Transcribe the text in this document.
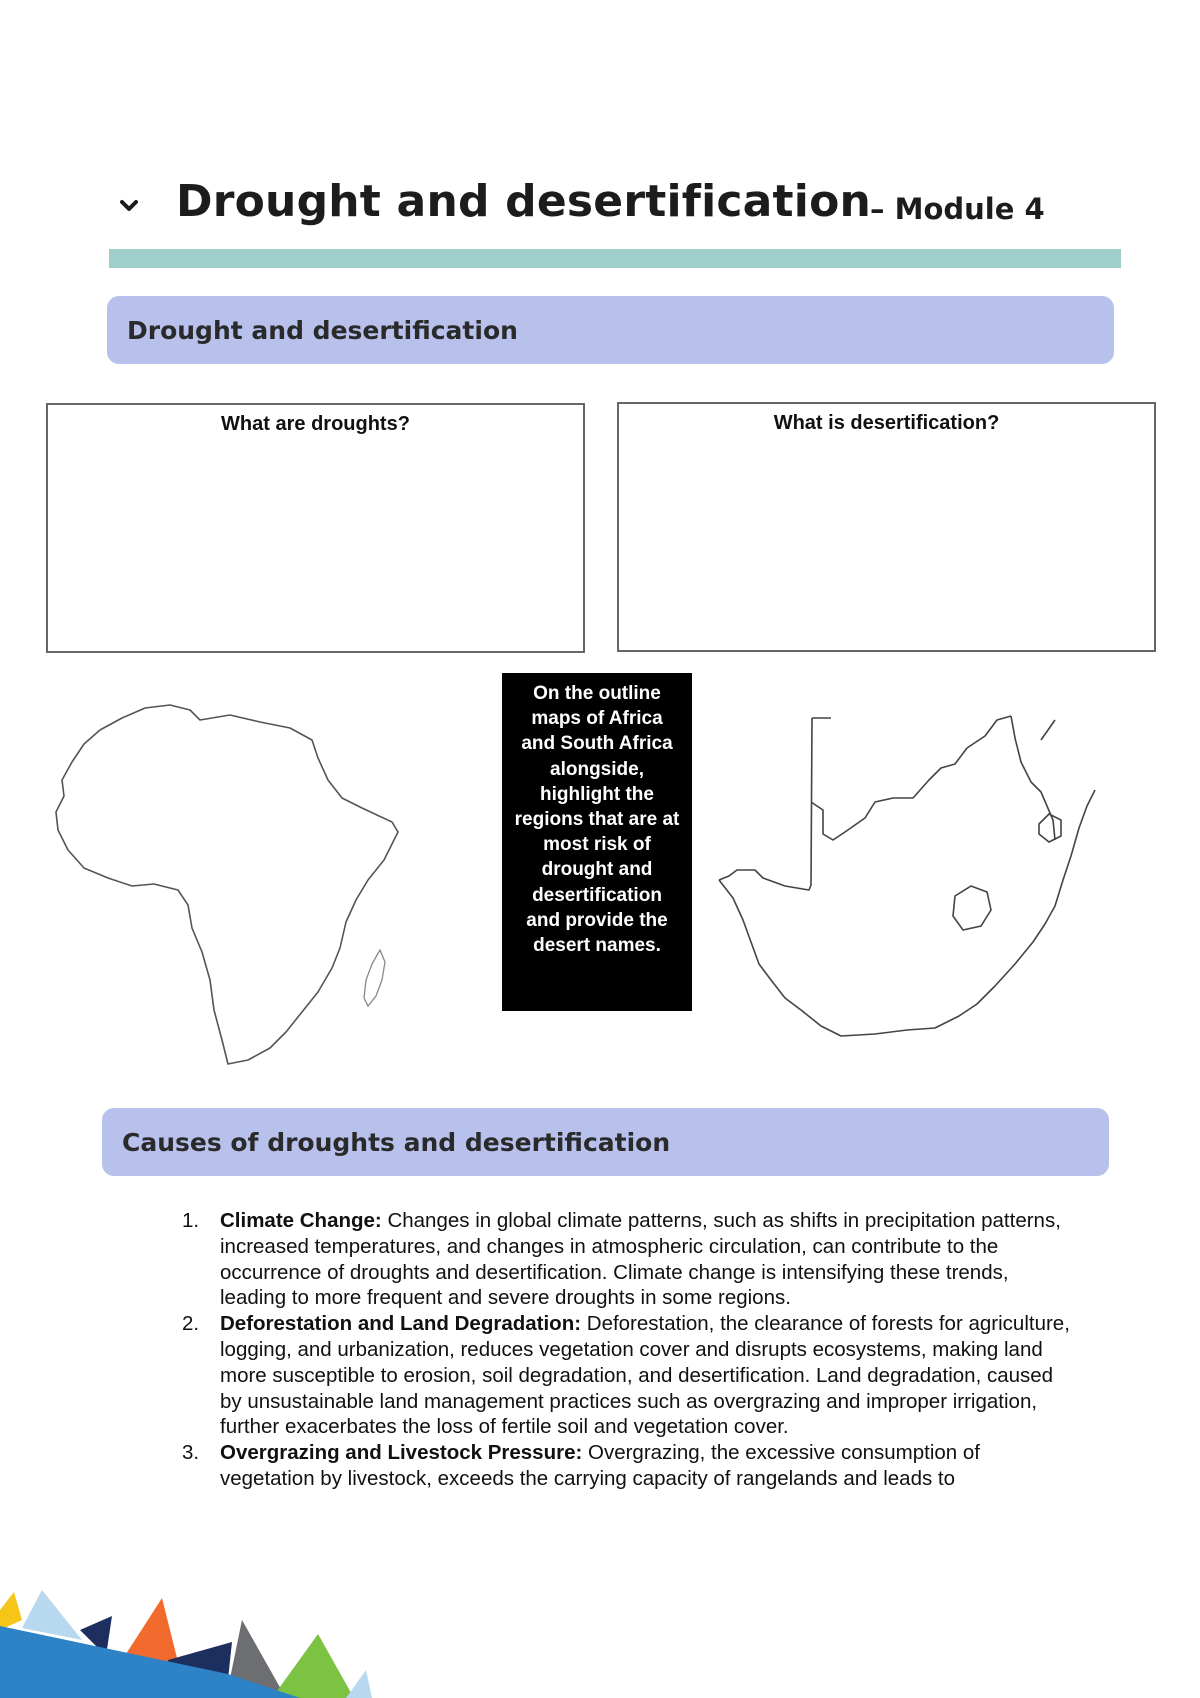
Drought and desertification
– Module 4
Drought and desertification
What are droughts?	What is desertification?
On the outline maps of Africa and South Africa alongside, highlight the regions that are at most risk of drought and desertification and provide the desert names.
Causes of droughts and desertification
1. Climate Change: Changes in global climate patterns, such as shifts in precipitation patterns, increased temperatures, and changes in atmospheric circulation, can contribute to the occurrence of droughts and desertification. Climate change is intensifying these trends, leading to more frequent and severe droughts in some regions.
2. Deforestation and Land Degradation: Deforestation, the clearance of forests for agriculture, logging, and urbanization, reduces vegetation cover and disrupts ecosystems, making land more susceptible to erosion, soil degradation, and desertification. Land degradation, caused by unsustainable land management practices such as overgrazing and improper irrigation, further exacerbates the loss of fertile soil and vegetation cover.
3. Overgrazing and Livestock Pressure: Overgrazing, the excessive consumption of vegetation by livestock, exceeds the carrying capacity of rangelands and leads to
